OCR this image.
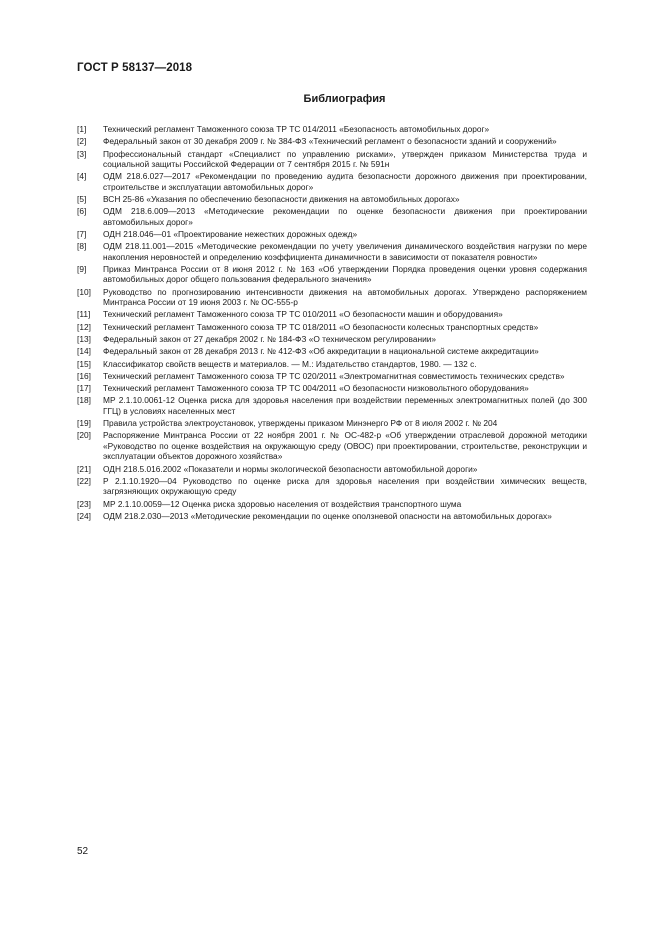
ГОСТ Р 58137—2018
Библиография
[1]	Технический регламент Таможенного союза ТР ТС 014/2011 «Безопасность автомобильных дорог»
[2]	Федеральный закон от 30 декабря 2009 г. № 384-ФЗ «Технический регламент о безопасности зданий и сооружений»
[3]	Профессиональный стандарт «Специалист по управлению рисками», утвержден приказом Министерства труда и социальной защиты Российской Федерации от 7 сентября 2015 г. № 591н
[4]	ОДМ 218.6.027—2017 «Рекомендации по проведению аудита безопасности дорожного движения при проектировании, строительстве и эксплуатации автомобильных дорог»
[5]	ВСН 25-86 «Указания по обеспечению безопасности движения на автомобильных дорогах»
[6]	ОДМ 218.6.009—2013 «Методические рекомендации по оценке безопасности движения при проектировании автомобильных дорог»
[7]	ОДН 218.046—01 «Проектирование нежестких дорожных одежд»
[8]	ОДМ 218.11.001—2015 «Методические рекомендации по учету увеличения динамического воздействия нагрузки по мере накопления неровностей и определению коэффициента динамичности в зависимости от показателя ровности»
[9]	Приказ Минтранса России от 8 июня 2012 г. № 163 «Об утверждении Порядка проведения оценки уровня содержания автомобильных дорог общего пользования федерального значения»
[10]	Руководство по прогнозированию интенсивности движения на автомобильных дорогах. Утверждено распоряжением Минтранса России от 19 июня 2003 г. № ОС-555-р
[11]	Технический регламент Таможенного союза ТР ТС 010/2011 «О безопасности машин и оборудования»
[12]	Технический регламент Таможенного союза ТР ТС 018/2011 «О безопасности колесных транспортных средств»
[13]	Федеральный закон от 27 декабря 2002 г. № 184-ФЗ «О техническом регулировании»
[14]	Федеральный закон от 28 декабря 2013 г. № 412-ФЗ «Об аккредитации в национальной системе аккредитации»
[15]	Классификатор свойств веществ и материалов. — М.: Издательство стандартов, 1980. — 132 с.
[16]	Технический регламент Таможенного союза ТР ТС 020/2011 «Электромагнитная совместимость технических средств»
[17]	Технический регламент Таможенного союза ТР ТС 004/2011 «О безопасности низковольтного оборудования»
[18]	МР 2.1.10.0061-12 Оценка риска для здоровья населения при воздействии переменных электромагнитных полей (до 300 ГГЦ) в условиях населенных мест
[19]	Правила устройства электроустановок, утверждены приказом Минэнерго РФ от 8 июля 2002 г. № 204
[20]	Распоряжение Минтранса России от 22 ноября 2001 г. № ОС-482-р «Об утверждении отраслевой дорожной методики «Руководство по оценке воздействия на окружающую среду (ОВОС) при проектировании, строительстве, реконструкции и эксплуатации объектов дорожного хозяйства»
[21]	ОДН 218.5.016.2002 «Показатели и нормы экологической безопасности автомобильной дороги»
[22]	Р 2.1.10.1920—04 Руководство по оценке риска для здоровья населения при воздействии химических веществ, загрязняющих окружающую среду
[23]	МР 2.1.10.0059—12 Оценка риска здоровью населения от воздействия транспортного шума
[24]	ОДМ 218.2.030—2013 «Методические рекомендации по оценке оползневой опасности на автомобильных дорогах»
52
